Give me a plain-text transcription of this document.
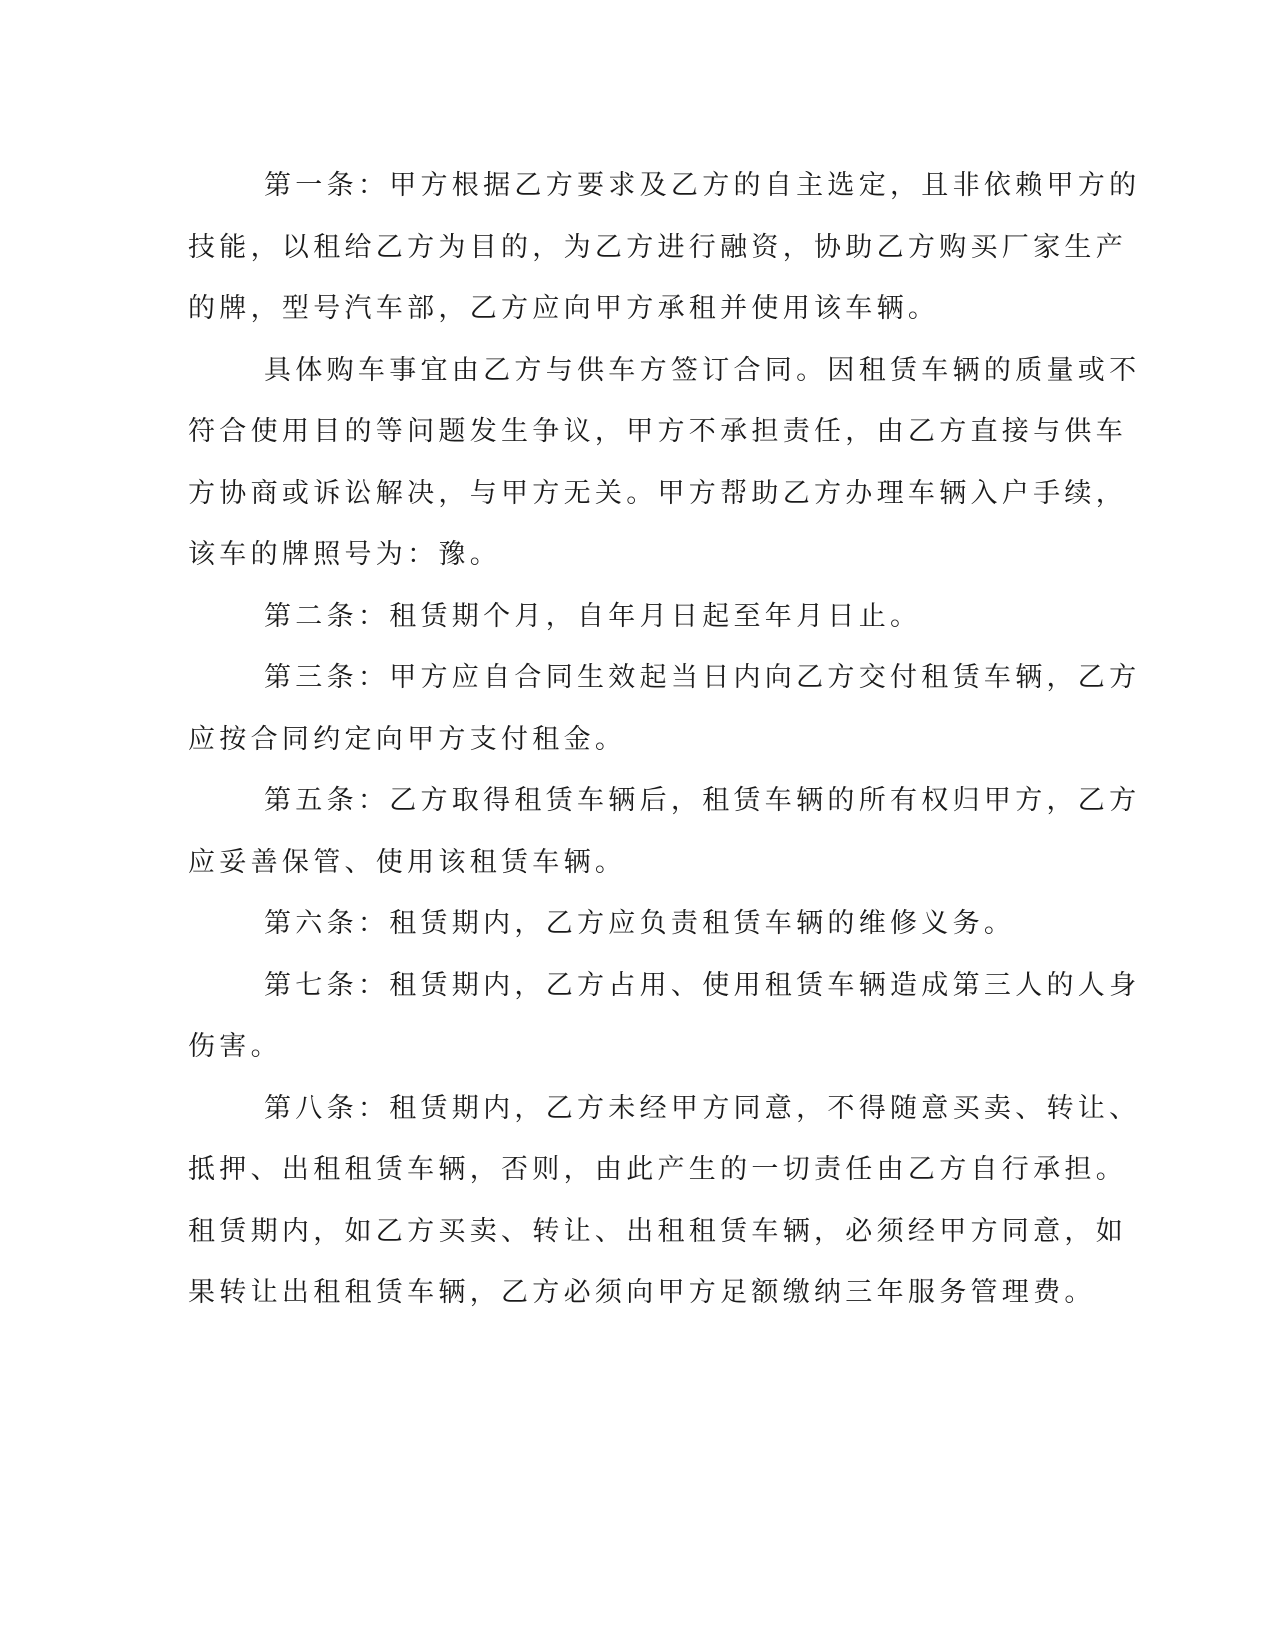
第一条：甲方根据乙方要求及乙方的自主选定，且非依赖甲方的
技能，以租给乙方为目的，为乙方进行融资，协助乙方购买厂家生产
的牌，型号汽车部，乙方应向甲方承租并使用该车辆。
具体购车事宜由乙方与供车方签订合同。因租赁车辆的质量或不
符合使用目的等问题发生争议，甲方不承担责任，由乙方直接与供车
方协商或诉讼解决，与甲方无关。甲方帮助乙方办理车辆入户手续，
该车的牌照号为：豫。
第二条：租赁期个月，自年月日起至年月日止。
第三条：甲方应自合同生效起当日内向乙方交付租赁车辆，乙方
应按合同约定向甲方支付租金。
第五条：乙方取得租赁车辆后，租赁车辆的所有权归甲方，乙方
应妥善保管、使用该租赁车辆。
第六条：租赁期内，乙方应负责租赁车辆的维修义务。
第七条：租赁期内，乙方占用、使用租赁车辆造成第三人的人身
伤害。
第八条：租赁期内，乙方未经甲方同意，不得随意买卖、转让、
抵押、出租租赁车辆，否则，由此产生的一切责任由乙方自行承担。
租赁期内，如乙方买卖、转让、出租租赁车辆，必须经甲方同意，如
果转让出租租赁车辆，乙方必须向甲方足额缴纳三年服务管理费。
